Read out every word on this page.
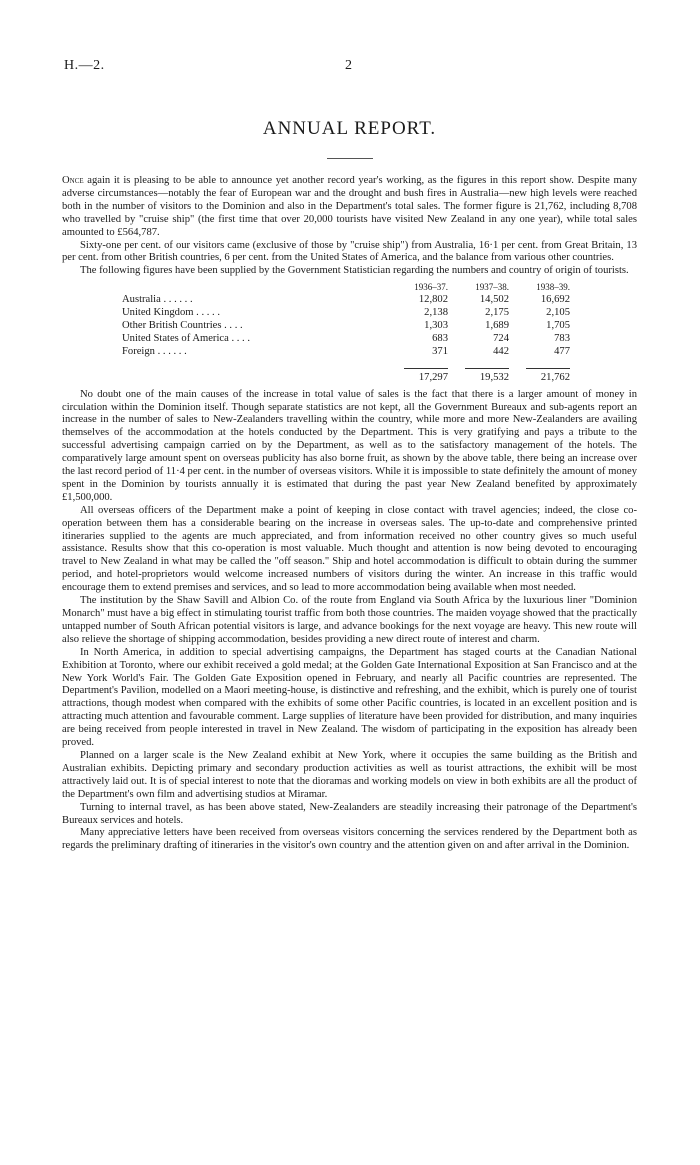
H.—2.	2
ANNUAL REPORT.

Once again it is pleasing to be able to announce yet another record year's working, as the figures in this report show. Despite many adverse circumstances—notably the fear of European war and the drought and bush fires in Australia—new high levels were reached both in the number of visitors to the Dominion and also in the Department's total sales. The former figure is 21,762, including 8,708 who travelled by "cruise ship" (the first time that over 20,000 tourists have visited New Zealand in any one year), while total sales amounted to £564,787.

Sixty-one per cent. of our visitors came (exclusive of those by "cruise ship") from Australia, 16·1 per cent. from Great Britain, 13 per cent. from other British countries, 6 per cent. from the United States of America, and the balance from various other countries.

The following figures have been supplied by the Government Statistician regarding the numbers and country of origin of tourists.

	1936–37.	1937–38.	1938–39.
Australia . . . . . .	12,802	14,502	16,692
United Kingdom . . . . .	2,138	2,175	2,105
Other British Countries . . . .	1,303	1,689	1,705
United States of America . . . .	683	724	783
Foreign . . . . . .	371	442	477
	17,297	19,532	21,762

No doubt one of the main causes of the increase in total value of sales is the fact that there is a larger amount of money in circulation within the Dominion itself. Though separate statistics are not kept, all the Government Bureaux and sub-agents report an increase in the number of sales to New-Zealanders travelling within the country, while more and more New-Zealanders are availing themselves of the accommodation at the hotels conducted by the Department. This is very gratifying and pays a tribute to the successful advertising campaign carried on by the Department, as well as to the satisfactory management of the hotels. The comparatively large amount spent on overseas publicity has also borne fruit, as shown by the above table, there being an increase over the last record period of 11·4 per cent. in the number of overseas visitors. While it is impossible to state definitely the amount of money spent in the Dominion by tourists annually it is estimated that during the past year New Zealand benefited by approximately £1,500,000.

All overseas officers of the Department make a point of keeping in close contact with travel agencies; indeed, the close co-operation between them has a considerable bearing on the increase in overseas sales. The up-to-date and comprehensive printed itineraries supplied to the agents are much appreciated, and from information received no other country gives so much useful assistance. Results show that this co-operation is most valuable. Much thought and attention is now being devoted to encouraging travel to New Zealand in what may be called the "off season." Ship and hotel accommodation is difficult to obtain during the summer period, and hotel-proprietors would welcome increased numbers of visitors during the winter. An increase in this traffic would encourage them to extend premises and services, and so lead to more accommodation being available when most needed.

The institution by the Shaw Savill and Albion Co. of the route from England via South Africa by the luxurious liner "Dominion Monarch" must have a big effect in stimulating tourist traffic from both those countries. The maiden voyage showed that the practically untapped number of South African potential visitors is large, and advance bookings for the next voyage are heavy. This new route will also relieve the shortage of shipping accommodation, besides providing a new direct route of interest and charm.

In North America, in addition to special advertising campaigns, the Department has staged courts at the Canadian National Exhibition at Toronto, where our exhibit received a gold medal; at the Golden Gate International Exposition at San Francisco and at the New York World's Fair. The Golden Gate Exposition opened in February, and nearly all Pacific countries are represented. The Department's Pavilion, modelled on a Maori meeting-house, is distinctive and refreshing, and the exhibit, which is purely one of tourist attractions, though modest when compared with the exhibits of some other Pacific countries, is located in an excellent position and is attracting much attention and favourable comment. Large supplies of literature have been provided for distribution, and many inquiries are being received from people interested in travel in New Zealand. The wisdom of participating in the exposition has already been proved.

Planned on a larger scale is the New Zealand exhibit at New York, where it occupies the same building as the British and Australian exhibits. Depicting primary and secondary production activities as well as tourist attractions, the exhibit will be most attractively laid out. It is of special interest to note that the dioramas and working models on view in both exhibits are all the product of the Department's own film and advertising studios at Miramar.

Turning to internal travel, as has been above stated, New-Zealanders are steadily increasing their patronage of the Department's Bureaux services and hotels.

Many appreciative letters have been received from overseas visitors concerning the services rendered by the Department both as regards the preliminary drafting of itineraries in the visitor's own country and the attention given on and after arrival in the Dominion.
